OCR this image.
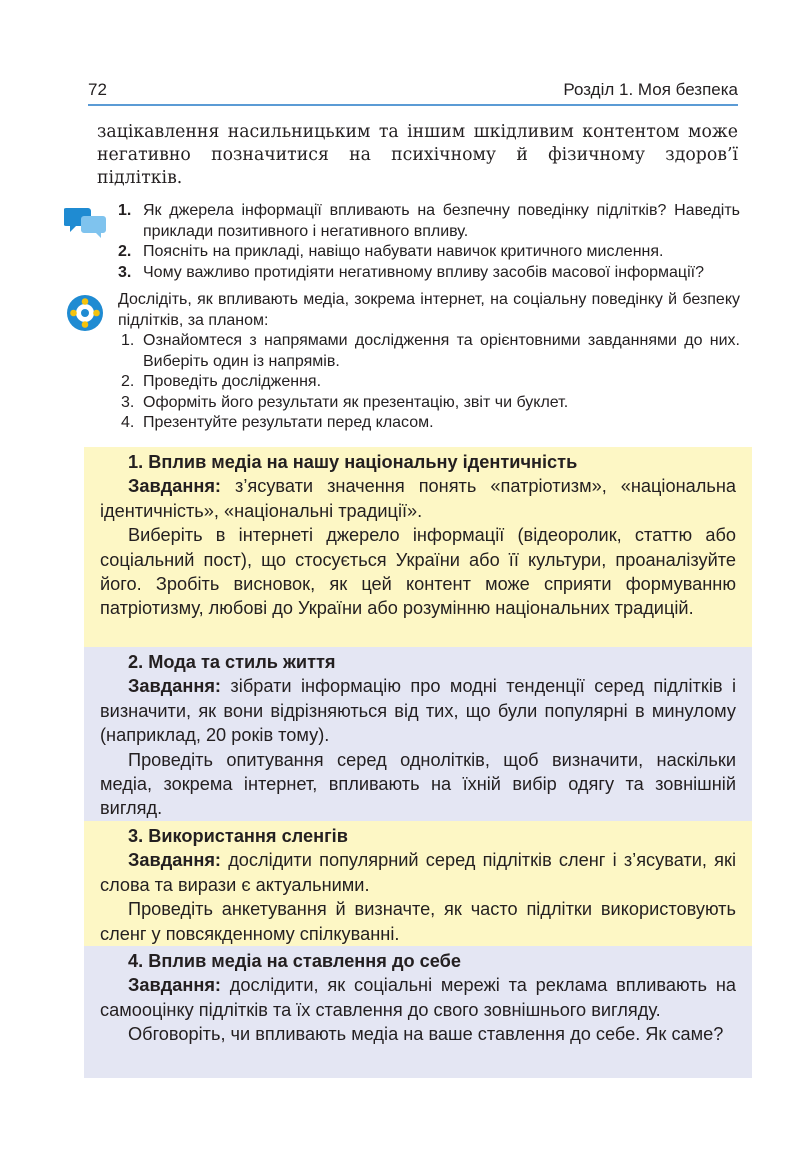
72	Розділ 1. Моя безпека

зацікавлення насильницьким та іншим шкідливим контентом може негативно позначитися на психічному й фізичному здоров’ї підлітків.

1. Як джерела інформації впливають на безпечну поведінку підлітків? Наведіть приклади позитивного і негативного впливу.
2. Поясніть на прикладі, навіщо набувати навичок критичного мислення.
3. Чому важливо протидіяти негативному впливу засобів масової інформації?

Дослідіть, як впливають медіа, зокрема інтернет, на соціальну поведінку й безпеку підлітків, за планом:

1. Ознайомтеся з напрямами дослідження та орієнтовними завданнями до них. Виберіть один із напрямів.
2. Проведіть дослідження.
3. Оформіть його результати як презентацію, звіт чи буклет.
4. Презентуйте результати перед класом.

1. Вплив медіа на нашу національну ідентичність

Завдання: з’ясувати значення понять «патріотизм», «національна ідентичність», «національні традиції».

Виберіть в інтернеті джерело інформації (відеоролик, статтю або соціальний пост), що стосується України або її культури, проаналізуйте його. Зробіть висновок, як цей контент може сприяти формуванню патріотизму, любові до України або розумінню національних традицій.

2. Мода та стиль життя

Завдання: зібрати інформацію про модні тенденції серед підлітків і визначити, як вони відрізняються від тих, що були популярні в минулому (наприклад, 20 років тому).

Проведіть опитування серед однолітків, щоб визначити, наскільки медіа, зокрема інтернет, впливають на їхній вибір одягу та зовнішній вигляд.

3. Використання сленгів

Завдання: дослідити популярний серед підлітків сленг і з’ясувати, які слова та вирази є актуальними.

Проведіть анкетування й визначте, як часто підлітки використовують сленг у повсякденному спілкуванні.

4. Вплив медіа на ставлення до себе

Завдання: дослідити, як соціальні мережі та реклама впливають на самооцінку підлітків та їх ставлення до свого зовнішнього вигляду.

Обговоріть, чи впливають медіа на ваше ставлення до себе. Як саме?
